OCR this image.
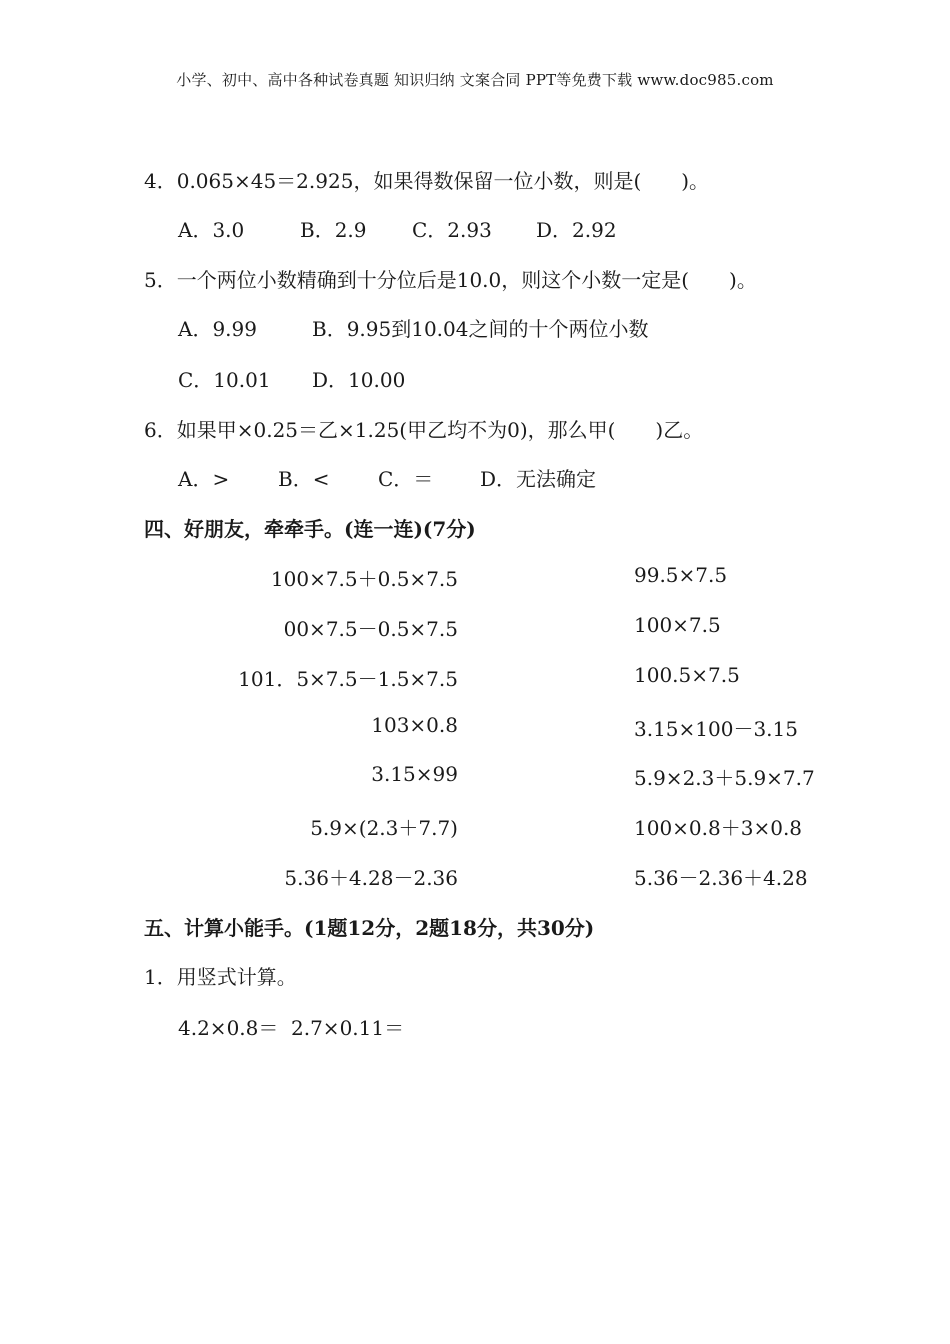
小学、初中、高中各种试卷真题 知识归纳 文案合同 PPT等免费下载 www.doc985.com
4．0.065×45＝2.925，如果得数保留一位小数，则是(　　)。
A．3.0	B．2.9 C．2.93 D．2.92
5．一个两位小数精确到十分位后是10.0，则这个小数一定是(　　)。
A．9.99	B．9.95到10.04之间的十个两位小数
C．10.01 D．10.00
6．如果甲×0.25＝乙×1.25(甲乙均不为0)，那么甲(　　)乙。
A．> B．< C．＝ D．无法确定
四、好朋友，牵牵手。(连一连)(7分)
100×7.5＋0.5×7.5
00×7.5－0.5×7.5
101．5×7.5－1.5×7.5
103×0.8
3.15×99
5.9×(2.3＋7.7)
5.36＋4.28－2.36
99.5×7.5
100×7.5
100.5×7.5
3.15×100－3.15
5.9×2.3＋5.9×7.7
100×0.8＋3×0.8
5.36－2.36＋4.28
五、计算小能手。(1题12分，2题18分，共30分)
1．用竖式计算。
4.2×0.8＝ 2.7×0.11＝
